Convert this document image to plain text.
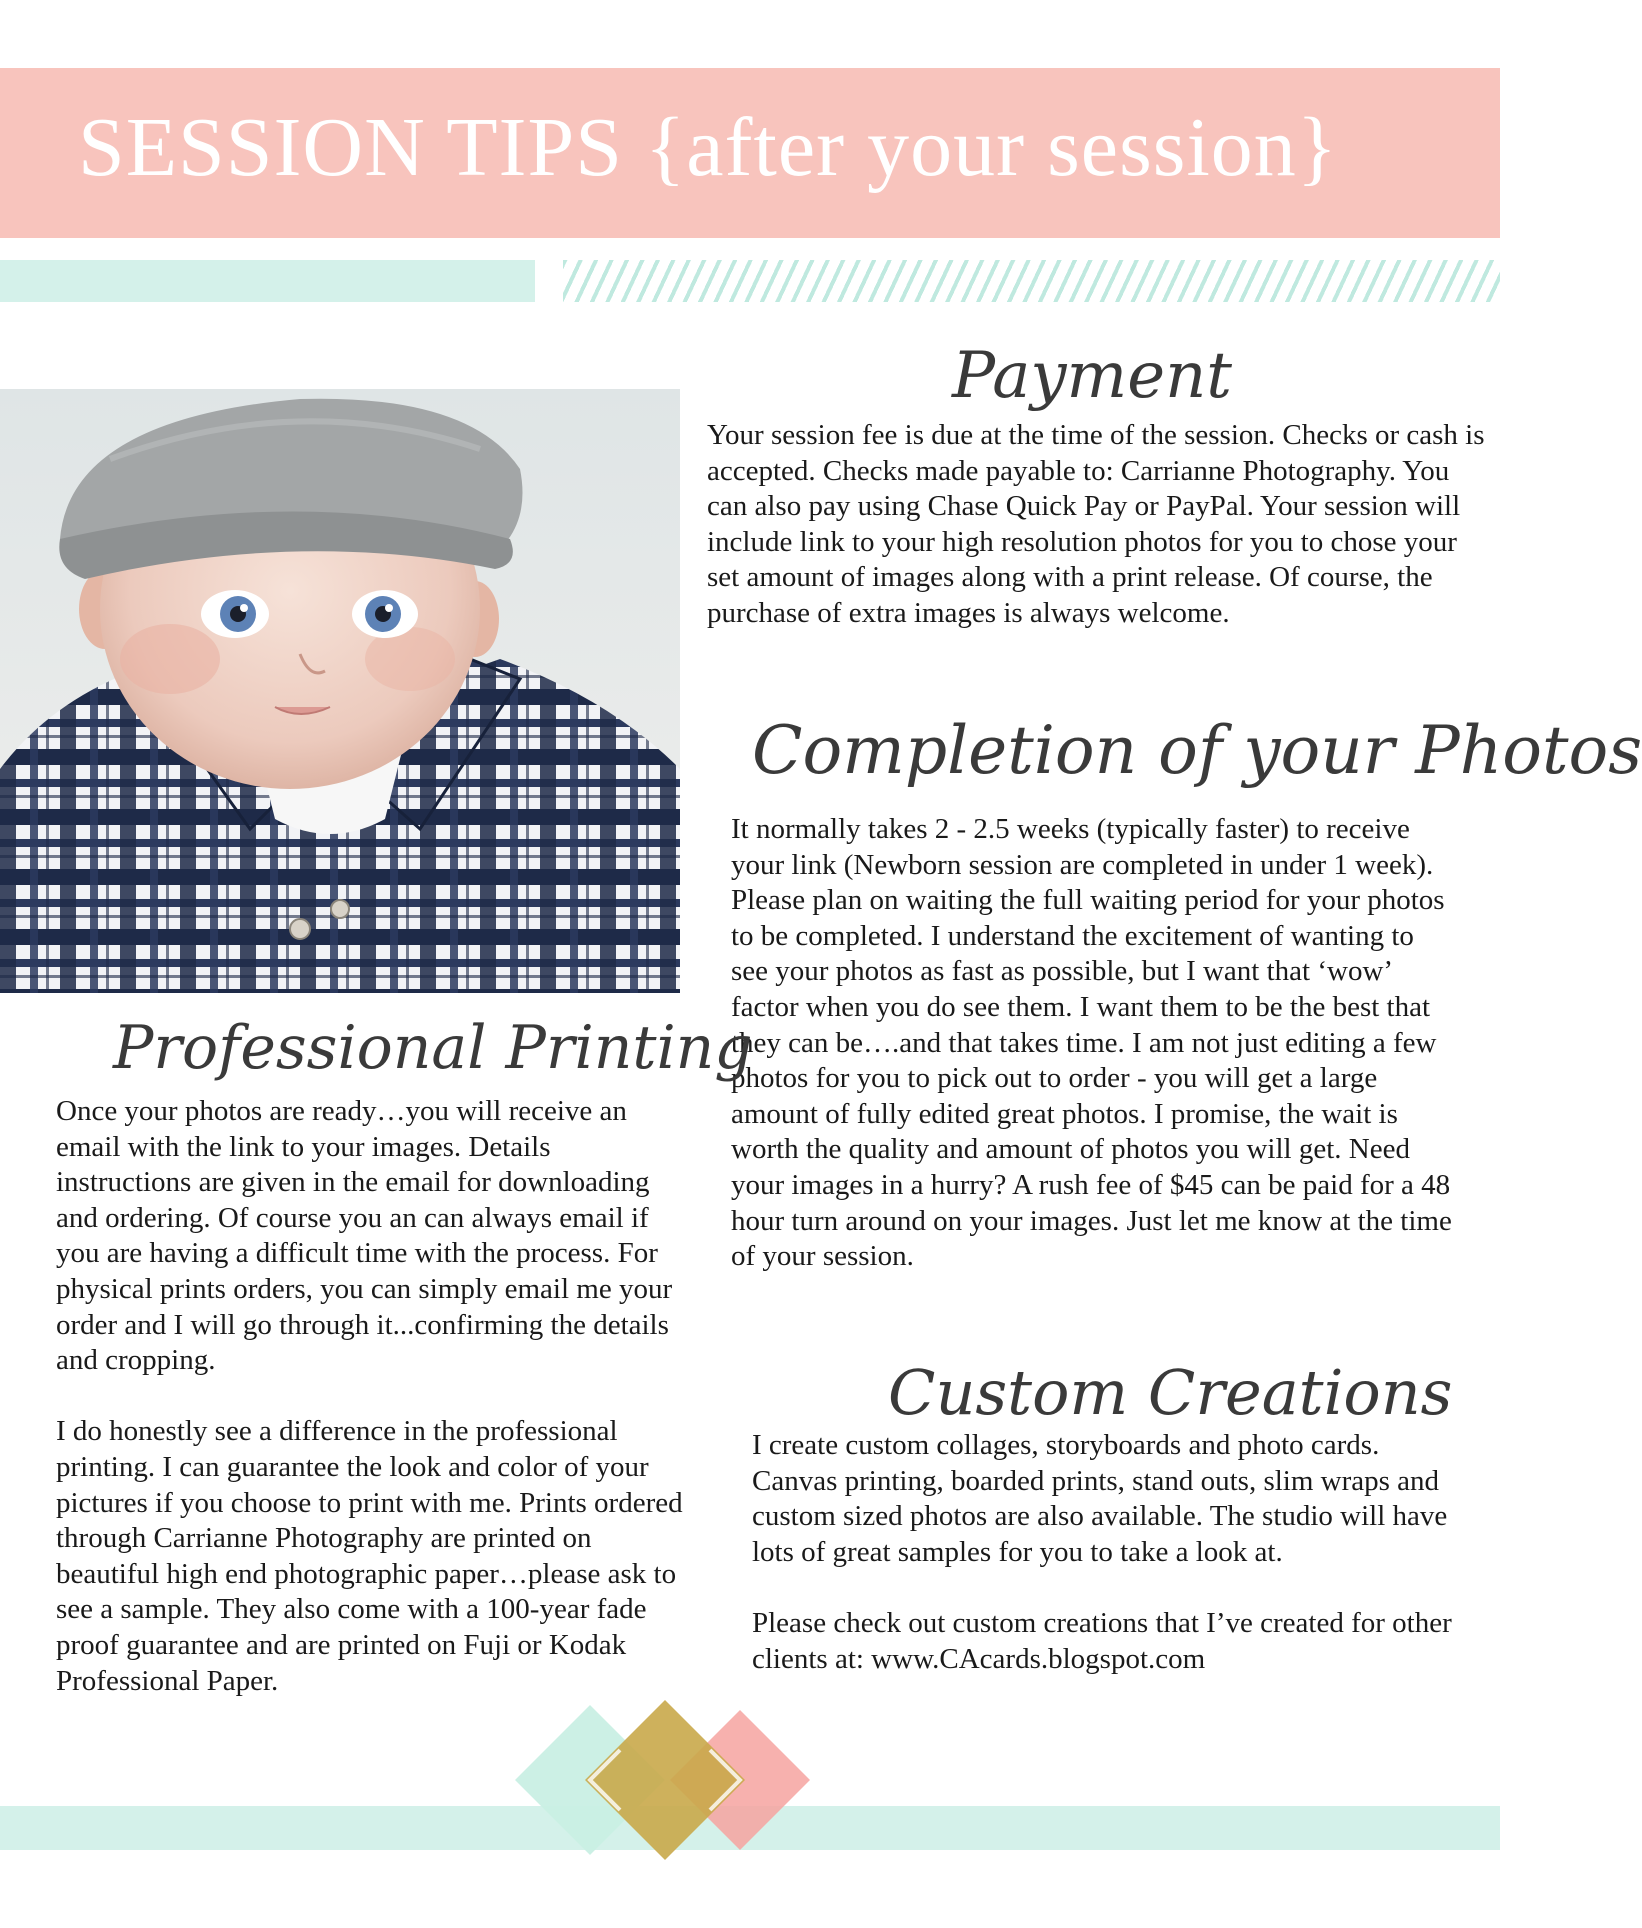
SESSION TIPS {after your session}
Payment

Your session fee is due at the time of the session. Checks or cash is accepted. Checks made payable to: Carrianne Photography. You can also pay using Chase Quick Pay or PayPal. Your session will include link to your high resolution photos for you to chose your set amount of images along with a print release. Of course, the purchase of extra images is always welcome.

Completion of your Photos

It normally takes 2 - 2.5 weeks (typically faster) to receive your link (Newborn session are completed in under 1 week). Please plan on waiting the full waiting period for your photos to be completed. I understand the excitement of wanting to see your photos as fast as possible, but I want that ‘wow’ factor when you do see them. I want them to be the best that they can be….and that takes time. I am not just editing a few photos for you to pick out to order - you will get a large amount of fully edited great photos. I promise, the wait is worth the quality and amount of photos you will get. Need your images in a hurry? A rush fee of $45 can be paid for a 48 hour turn around on your images. Just let me know at the time of your session.

Professional Printing

Once your photos are ready…you will receive an email with the link to your images. Details instructions are given in the email for downloading and ordering. Of course you an can always email if you are having a difficult time with the process. For physical prints orders, you can simply email me your order and I will go through it...confirming the details and cropping.

I do honestly see a difference in the professional printing. I can guarantee the look and color of your pictures if you choose to print with me. Prints ordered through Carrianne Photography are printed on beautiful high end photographic paper…please ask to see a sample. They also come with a 100-year fade proof guarantee and are printed on Fuji or Kodak Professional Paper.

Custom Creations

I create custom collages, storyboards and photo cards. Canvas printing, boarded prints, stand outs, slim wraps and custom sized photos are also available. The studio will have lots of great samples for you to take a look at.

Please check out custom creations that I’ve created for other clients at: www.CAcards.blogspot.com
